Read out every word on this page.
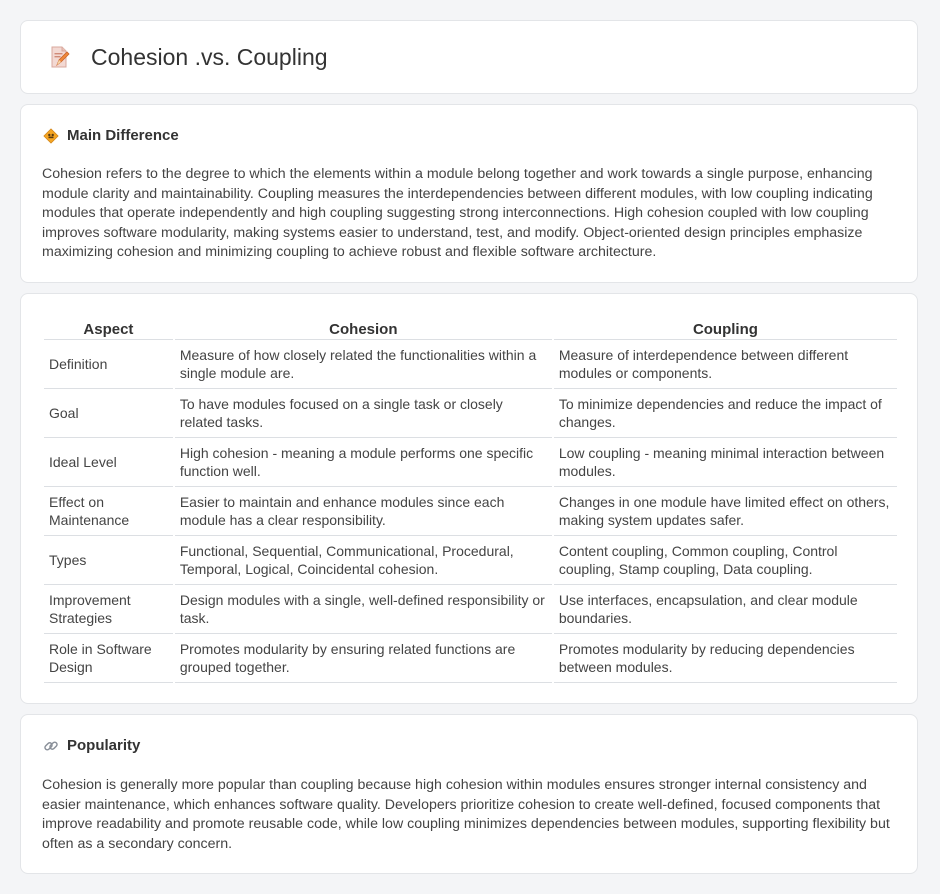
Cohesion .vs. Coupling
Main Difference

Cohesion refers to the degree to which the elements within a module belong together and work towards a single purpose, enhancing module clarity and maintainability. Coupling measures the interdependencies between different modules, with low coupling indicating modules that operate independently and high coupling suggesting strong interconnections. High cohesion coupled with low coupling improves software modularity, making systems easier to understand, test, and modify. Object-oriented design principles emphasize maximizing cohesion and minimizing coupling to achieve robust and flexible software architecture.

Aspect	Cohesion	Coupling
Definition	Measure of how closely related the functionalities within a single module are.	Measure of interdependence between different modules or components.
Goal	To have modules focused on a single task or closely related tasks.	To minimize dependencies and reduce the impact of changes.
Ideal Level	High cohesion - meaning a module performs one specific function well.	Low coupling - meaning minimal interaction between modules.
Effect on Maintenance	Easier to maintain and enhance modules since each module has a clear responsibility.	Changes in one module have limited effect on others, making system updates safer.
Types	Functional, Sequential, Communicational, Procedural, Temporal, Logical, Coincidental cohesion.	Content coupling, Common coupling, Control coupling, Stamp coupling, Data coupling.
Improvement Strategies	Design modules with a single, well-defined responsibility or task.	Use interfaces, encapsulation, and clear module boundaries.
Role in Software Design	Promotes modularity by ensuring related functions are grouped together.	Promotes modularity by reducing dependencies between modules.
Popularity

Cohesion is generally more popular than coupling because high cohesion within modules ensures stronger internal consistency and easier maintenance, which enhances software quality. Developers prioritize cohesion to create well-defined, focused components that improve readability and promote reusable code, while low coupling minimizes dependencies between modules, supporting flexibility but often as a secondary concern.
